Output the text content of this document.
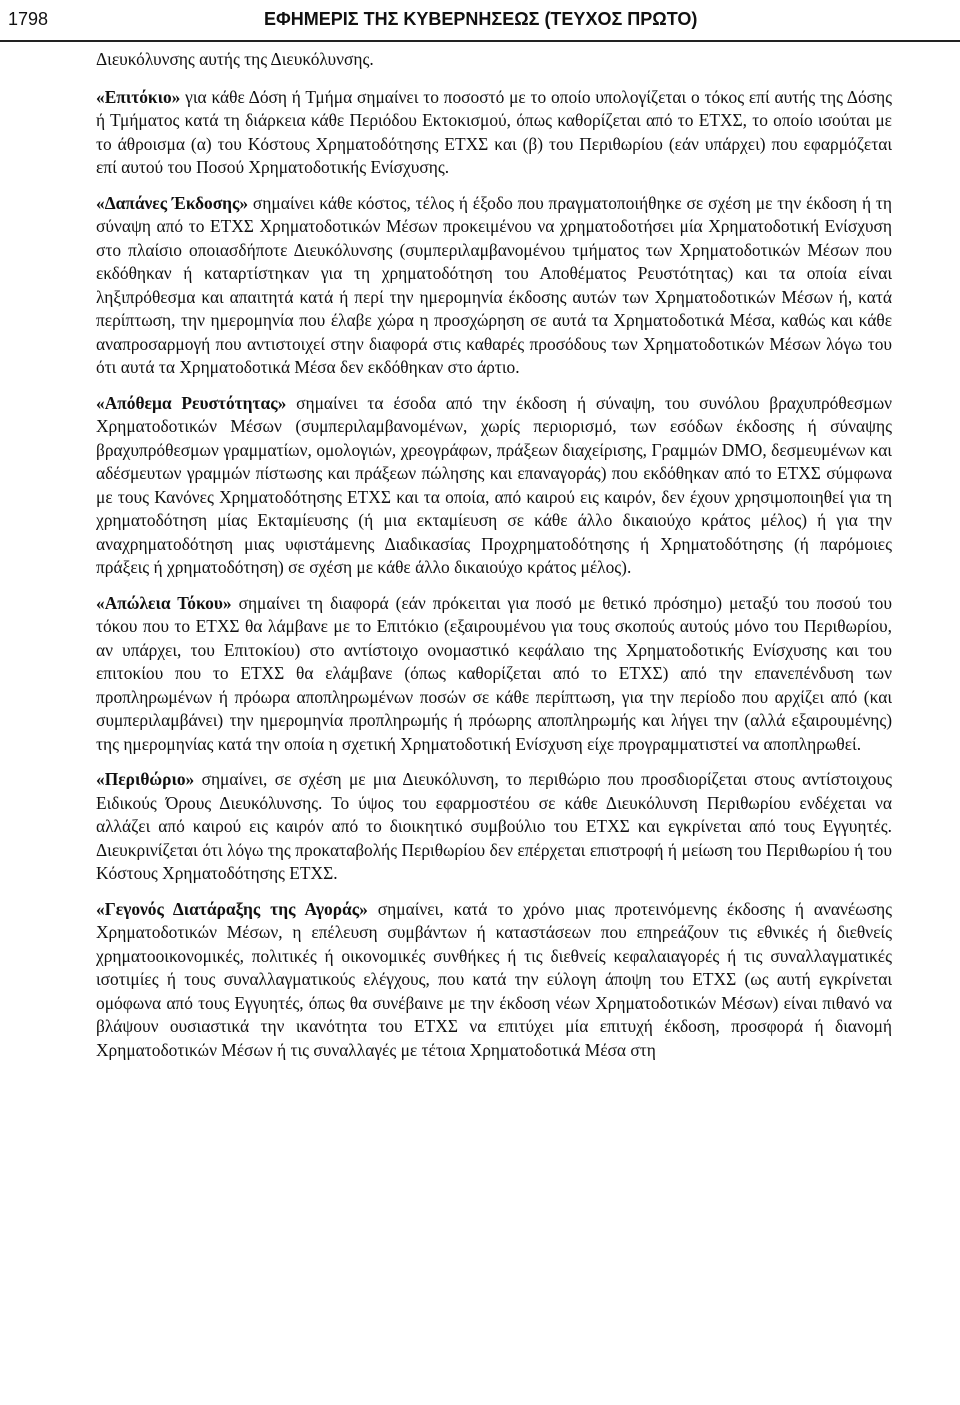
1798	ΕΦΗΜΕΡΙΣ ΤΗΣ ΚΥΒΕΡΝΗΣΕΩΣ (ΤΕΥΧΟΣ ΠΡΩΤΟ)

Διευκόλυνσης αυτής της Διευκόλυνσης.

«Επιτόκιο» για κάθε Δόση ή Τμήμα σημαίνει το ποσοστό με το οποίο υπολογίζεται ο τόκος επί αυτής της Δόσης ή Τμήματος κατά τη διάρκεια κάθε Περιόδου Εκτοκισμού, όπως καθορίζεται από το ΕΤΧΣ, το οποίο ισούται με το άθροισμα (α) του Κόστους Χρηματοδότησης ΕΤΧΣ και (β) του Περιθωρίου (εάν υπάρχει) που εφαρμόζεται επί αυτού του Ποσού Χρηματοδοτικής Ενίσχυσης.

«Δαπάνες Έκδοσης» σημαίνει κάθε κόστος, τέλος ή έξοδο που πραγματοποιήθηκε σε σχέση με την έκδοση ή τη σύναψη από το ΕΤΧΣ Χρηματοδοτικών Μέσων προκειμένου να χρηματοδοτήσει μία Χρηματοδοτική Ενίσχυση στο πλαίσιο οποιασδήποτε Διευκόλυνσης (συμπεριλαμβανομένου τμήματος των Χρηματοδοτικών Μέσων που εκδόθηκαν ή καταρτίστηκαν για τη χρηματοδότηση του Αποθέματος Ρευστότητας) και τα οποία είναι ληξιπρόθεσμα και απαιτητά κατά ή περί την ημερομηνία έκδοσης αυτών των Χρηματοδοτικών Μέσων ή, κατά περίπτωση, την ημερομηνία που έλαβε χώρα η προσχώρηση σε αυτά τα Χρηματοδοτικά Μέσα, καθώς και κάθε αναπροσαρμογή που αντιστοιχεί στην διαφορά στις καθαρές προσόδους των Χρηματοδοτικών Μέσων λόγω του ότι αυτά τα Χρηματοδοτικά Μέσα δεν εκδόθηκαν στο άρτιο.

«Απόθεμα Ρευστότητας» σημαίνει τα έσοδα από την έκδοση ή σύναψη, του συνόλου βραχυπρόθεσμων Χρηματοδοτικών Μέσων (συμπεριλαμβανομένων, χωρίς περιορισμό, των εσόδων έκδοσης ή σύναψης βραχυπρόθεσμων γραμματίων, ομολογιών, χρεογράφων, πράξεων διαχείρισης, Γραμμών DMO, δεσμευμένων και αδέσμευτων γραμμών πίστωσης και πράξεων πώλησης και επαναγοράς) που εκδόθηκαν από το ΕΤΧΣ σύμφωνα με τους Κανόνες Χρηματοδότησης ΕΤΧΣ και τα οποία, από καιρού εις καιρόν, δεν έχουν χρησιμοποιηθεί για τη χρηματοδότηση μίας Εκταμίευσης (ή μια εκταμίευση σε κάθε άλλο δικαιούχο κράτος μέλος) ή για την αναχρηματοδότηση μιας υφιστάμενης Διαδικασίας Προχρηματοδότησης ή Χρηματοδότησης (ή παρόμοιες πράξεις ή χρηματοδότηση) σε σχέση με κάθε άλλο δικαιούχο κράτος μέλος).

«Απώλεια Τόκου» σημαίνει τη διαφορά (εάν πρόκειται για ποσό με θετικό πρόσημο) μεταξύ του ποσού του τόκου που το ΕΤΧΣ θα λάμβανε με το Επιτόκιο (εξαιρουμένου για τους σκοπούς αυτούς μόνο του Περιθωρίου, αν υπάρχει, του Επιτοκίου) στο αντίστοιχο ονομαστικό κεφάλαιο της Χρηματοδοτικής Ενίσχυσης και του επιτοκίου που το ΕΤΧΣ θα ελάμβανε (όπως καθορίζεται από το ΕΤΧΣ) από την επανεπένδυση των προπληρωμένων ή πρόωρα αποπληρωμένων ποσών σε κάθε περίπτωση, για την περίοδο που αρχίζει από (και συμπεριλαμβάνει) την ημερομηνία προπληρωμής ή πρόωρης αποπληρωμής και λήγει την (αλλά εξαιρουμένης) της ημερομηνίας κατά την οποία η σχετική Χρηματοδοτική Ενίσχυση είχε προγραμματιστεί να αποπληρωθεί.

«Περιθώριο» σημαίνει, σε σχέση με μια Διευκόλυνση, το περιθώριο που προσδιορίζεται στους αντίστοιχους Ειδικούς Όρους Διευκόλυνσης. Το ύψος του εφαρμοστέου σε κάθε Διευκόλυνση Περιθωρίου ενδέχεται να αλλάζει από καιρού εις καιρόν από το διοικητικό συμβούλιο του ΕΤΧΣ και εγκρίνεται από τους Εγγυητές. Διευκρινίζεται ότι λόγω της προκαταβολής Περιθωρίου δεν επέρχεται επιστροφή ή μείωση του Περιθωρίου ή του Κόστους Χρηματοδότησης ΕΤΧΣ.

«Γεγονός Διατάραξης της Αγοράς» σημαίνει, κατά το χρόνο μιας προτεινόμενης έκδοσης ή ανανέωσης Χρηματοδοτικών Μέσων, η επέλευση συμβάντων ή καταστάσεων που επηρεάζουν τις εθνικές ή διεθνείς χρηματοοικονομικές, πολιτικές ή οικονομικές συνθήκες ή τις διεθνείς κεφαλαιαγορές ή τις συναλλαγματικές ισοτιμίες ή τους συναλλαγματικούς ελέγχους, που κατά την εύλογη άποψη του ΕΤΧΣ (ως αυτή εγκρίνεται ομόφωνα από τους Εγγυητές, όπως θα συνέβαινε με την έκδοση νέων Χρηματοδοτικών Μέσων) είναι πιθανό να βλάψουν ουσιαστικά την ικανότητα του ΕΤΧΣ να επιτύχει μία επιτυχή έκδοση, προσφορά ή διανομή Χρηματοδοτικών Μέσων ή τις συναλλαγές με τέτοια Χρηματοδοτικά Μέσα στη
